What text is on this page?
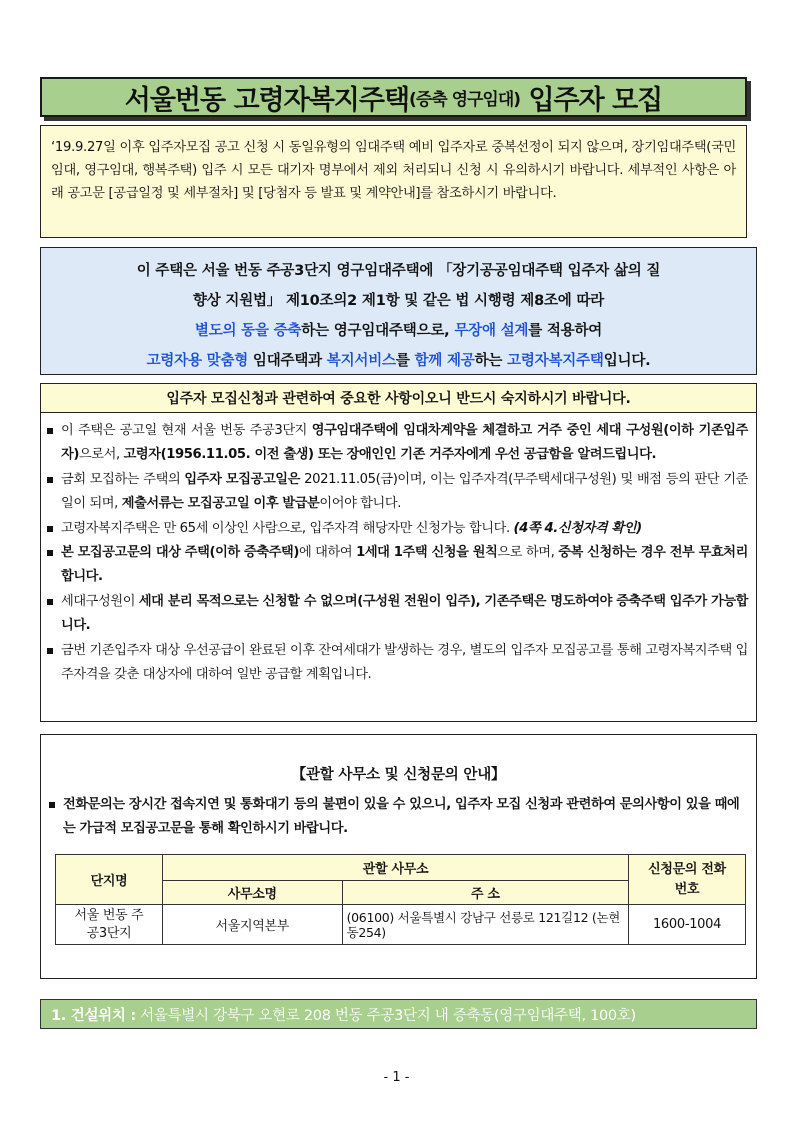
서울번동 고령자복지주택 (증축 영구임대) 입주자 모집
‘19.9.27일 이후 입주자모집 공고 신청 시 동일유형의 임대주택 예비 입주자로 중복선정이 되지 않으며, 장기임대주택(국민임대, 영구임대, 행복주택) 입주 시 모든 대기자 명부에서 제외 처리되니 신청 시 유의하시기 바랍니다. 세부적인 사항은 아래 공고문 [공급일정 및 세부절차] 및 [당첨자 등 발표 및 계약안내]를 참조하시기 바랍니다.
이 주택은 서울 번동 주공3단지 영구임대주택에 「장기공공임대주택 입주자 삶의 질
향상 지원법」 제10조의2 제1항 및 같은 법 시행령 제8조에 따라
별도의 동을 증축하는 영구임대주택으로, 무장애 설계를 적용하여
고령자용 맞춤형 임대주택과 복지서비스를 함께 제공하는 고령자복지주택입니다.
입주자 모집신청과 관련하여 중요한 사항이오니 반드시 숙지하시기 바랍니다.
이 주택은 공고일 현재 서울 번동 주공3단지 영구임대주택에 임대차계약을 체결하고 거주 중인 세대 구성원(이하 기존입주자)으로서, 고령자(1956.11.05. 이전 출생) 또는 장애인인 기존 거주자에게 우선 공급함을 알려드립니다.
금회 모집하는 주택의 입주자 모집공고일은 2021.11.05(금)이며, 이는 입주자격(무주택세대구성원) 및 배점 등의 판단 기준일이 되며, 제출서류는 모집공고일 이후 발급분이어야 합니다.
고령자복지주택은 만 65세 이상인 사람으로, 입주자격 해당자만 신청가능 합니다. (4쪽 4.신청자격 확인)
본 모집공고문의 대상 주택(이하 증축주택)에 대하여 1세대 1주택 신청을 원칙으로 하며, 중복 신청하는 경우 전부 무효처리 합니다.
세대구성원이 세대 분리 목적으로는 신청할 수 없으며(구성원 전원이 입주), 기존주택은 명도하여야 증축주택 입주가 가능합니다.
금번 기존입주자 대상 우선공급이 완료된 이후 잔여세대가 발생하는 경우, 별도의 입주자 모집공고를 통해 고령자복지주택 입주자격을 갖춘 대상자에 대하여 일반 공급할 계획입니다.
【관할 사무소 및 신청문의 안내】
전화문의는 장시간 접속지연 및 통화대기 등의 불편이 있을 수 있으니, 입주자 모집 신청과 관련하여 문의사항이 있을 때에는 가급적 모집공고문을 통해 확인하시기 바랍니다.
단지명	관할 사무소		신청문의 전화번호
	사무소명	주 소	
서울 번동 주공3단지	서울지역본부	(06100) 서울특별시 강남구 선릉로 121길12 (논현동254)	1600-1004
1. 건설위치 : 서울특별시 강북구 오현로 208 번동 주공3단지 내 증축동(영구임대주택, 100호)
- 1 -
